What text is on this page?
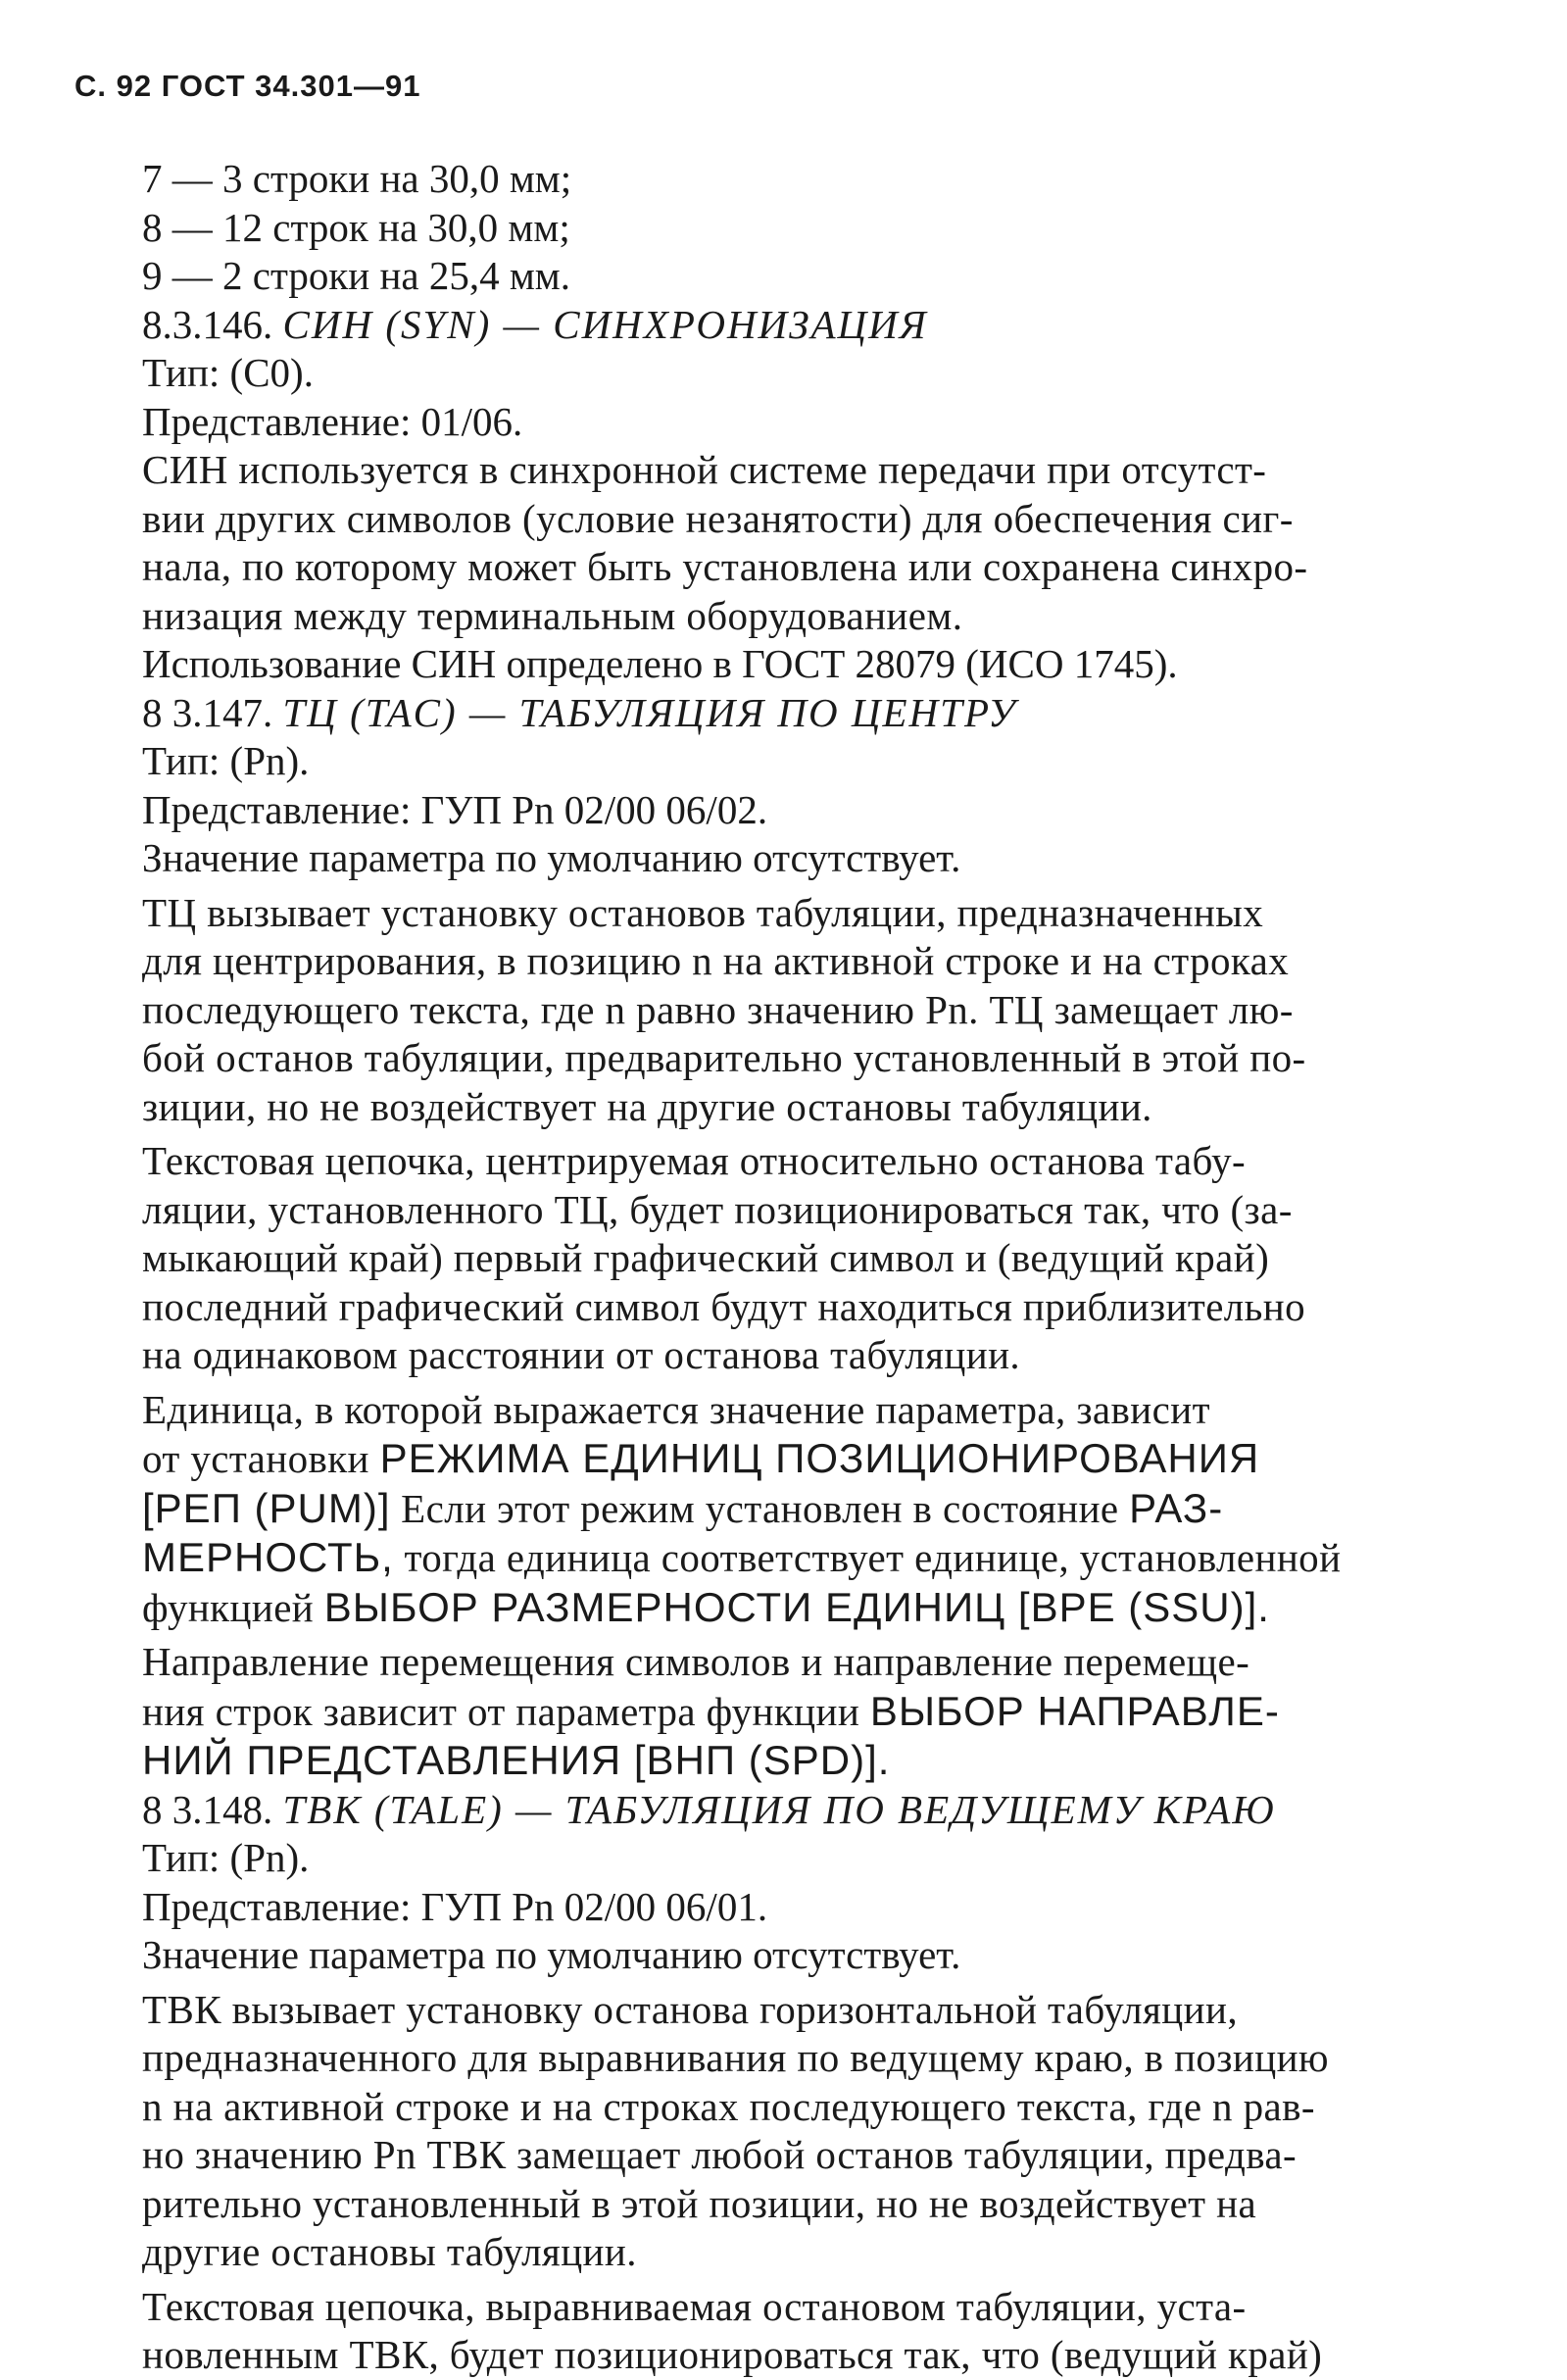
С. 92 ГОСТ 34.301—91

7 — 3 строки на 30,0 мм;

8 — 12 строк на 30,0 мм;

9 — 2 строки на 25,4 мм.

8.3.146. СИН (SYN) — СИНХРОНИЗАЦИЯ

Тип: (С0).

Представление: 01/06.

СИН используется в синхронной системе передачи при отсутст-
вии других символов (условие незанятости) для обеспечения сиг-
нала, по которому может быть установлена или сохранена синхро-
низация между терминальным оборудованием.

Использование СИН определено в ГОСТ 28079 (ИСО 1745).

8 3.147. ТЦ (TAC) — ТАБУЛЯЦИЯ ПО ЦЕНТРУ

Тип: (Pn).

Представление: ГУП Pn 02/00 06/02.

Значение параметра по умолчанию отсутствует.

ТЦ вызывает установку остановов табуляции, предназначенных
для центрирования, в позицию n на активной строке и на строках
последующего текста, где n равно значению Pn. ТЦ замещает лю-
бой останов табуляции, предварительно установленный в этой по-
зиции, но не воздействует на другие остановы табуляции.

Текстовая цепочка, центрируемая относительно останова табу-
ляции, установленного ТЦ, будет позиционироваться так, что (за-
мыкающий край) первый графический символ и (ведущий край)
последний графический символ будут находиться приблизительно
на одинаковом расстоянии от останова табуляции.

Единица, в которой выражается значение параметра, зависит
от установки РЕЖИМА ЕДИНИЦ ПОЗИЦИОНИРОВАНИЯ
[РЕП (PUM)] Если этот режим установлен в состояние РАЗ-
МЕРНОСТЬ, тогда единица соответствует единице, установленной
функцией ВЫБОР РАЗМЕРНОСТИ ЕДИНИЦ [ВРЕ (SSU)].

Направление перемещения символов и направление перемеще-
ния строк зависит от параметра функции ВЫБОР НАПРАВЛЕ-
НИЙ ПРЕДСТАВЛЕНИЯ [ВНП (SPD)].

8 3.148. ТВК (TALE) — ТАБУЛЯЦИЯ ПО ВЕДУЩЕМУ КРАЮ

Тип: (Pn).

Представление: ГУП Pn 02/00 06/01.

Значение параметра по умолчанию отсутствует.

ТВК вызывает установку останова горизонтальной табуляции,
предназначенного для выравнивания по ведущему краю, в позицию
n на активной строке и на строках последующего текста, где n рав-
но значению Pn ТВК замещает любой останов табуляции, предва-
рительно установленный в этой позиции, но не воздействует на
другие остановы табуляции.

Текстовая цепочка, выравниваемая остановом табуляции, уста-
новленным ТВК, будет позиционироваться так, что (ведущий край)
